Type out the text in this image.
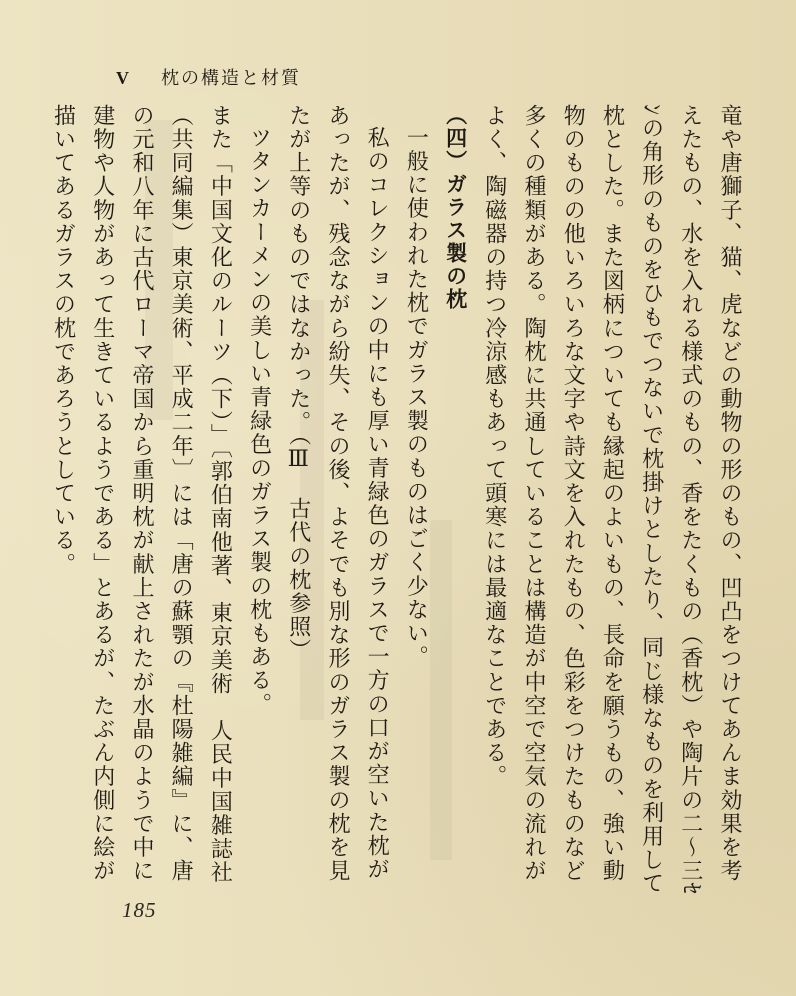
V 枕の構造と材質

竜や唐獅子、猫、虎などの動物の形のもの、凹凸をつけてあんま効果を考えたもの、水を入れる様式のもの、香をたくもの（香枕）や陶片の二〜三ｾﾝの角形のものをひもでつないで枕掛けとしたり、同じ様なものを利用して枕とした。また図柄についても縁起のよいもの、長命を願うもの、強い動物のものの他いろいろな文字や詩文を入れたもの、色彩をつけたものなど多くの種類がある。陶枕に共通していることは構造が中空で空気の流れがよく、陶磁器の持つ冷涼感もあって頭寒には最適なことである。

（四）ガラス製の枕

一般に使われた枕でガラス製のものはごく少ない。

私のコレクションの中にも厚い青緑色のガラスで一方の口が空いた枕があったが、残念ながら紛失、その後、よそでも別な形のガラス製の枕を見たが上等のものではなかった。（Ⅲ　古代の枕参照）

ツタンカーメンの美しい青緑色のガラス製の枕もある。

また「中国文化のルーツ（下）」〔郭伯南他著、東京美術　人民中国雑誌社（共同編集）東京美術、平成二年〕には「唐の蘇顎の『杜陽雑編』に、唐の元和八年に古代ローマ帝国から重明枕が献上されたが水晶のようで中に建物や人物があって生きているようである」とあるが、たぶん内側に絵が描いてあるガラスの枕であろうとしている。

185
